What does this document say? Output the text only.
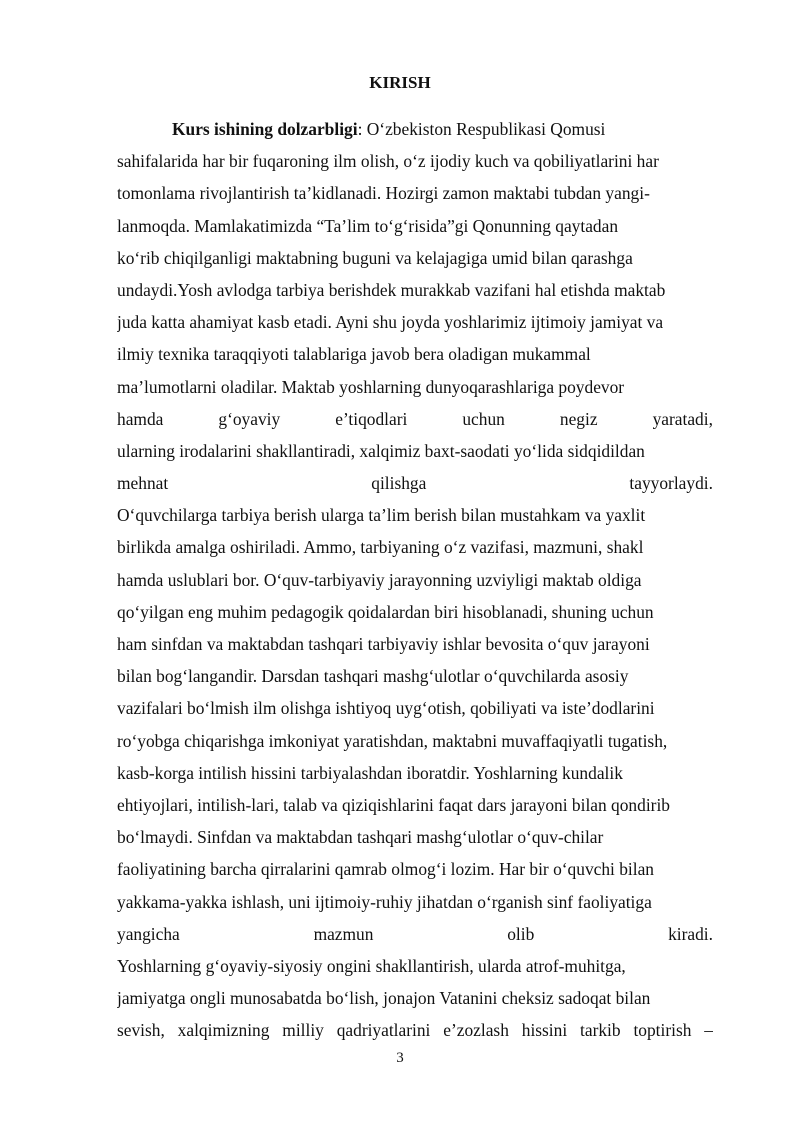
KIRISH
Kurs ishining dolzarbligi: O‘zbekiston Respublikasi Qomusi
sahifalarida har bir fuqaroning ilm olish, o‘z ijodiy kuch va qobiliyatlarini har
tomonlama rivojlantirish ta’kidlanadi. Hozirgi zamon maktabi tubdan yangi-
lanmoqda. Mamlakatimizda “Ta’lim to‘g‘risida”gi Qonunning qaytadan
ko‘rib chiqilganligi maktabning buguni va kelajagiga umid bilan qarashga
undaydi.Yosh avlodga tarbiya berishdek murakkab vazifani hal etishda maktab
juda katta ahamiyat kasb etadi. Ayni shu joyda yoshlarimiz ijtimoiy jamiyat va
ilmiy texnika taraqqiyoti talablariga javob bera oladigan mukammal
ma’lumotlarni oladilar. Maktab yoshlarning dunyoqarashlariga poydevor
hamda	g‘oyaviy	e’tiqodlari	uchun	negiz	yaratadi,
ularning irodalarini shakllantiradi, xalqimiz baxt-saodati yo‘lida sidqidildan
mehnat	qilishga	tayyorlaydi.
O‘quvchilarga tarbiya berish ularga ta’lim berish bilan mustahkam va yaxlit
birlikda amalga oshiriladi. Ammo, tarbiyaning o‘z vazifasi, mazmuni, shakl
hamda uslublari bor. O‘quv-tarbiyaviy jarayonning uzviyligi maktab oldiga
qo‘yilgan eng muhim pedagogik qoidalardan biri hisoblanadi, shuning uchun
ham sinfdan va maktabdan tashqari tarbiyaviy ishlar bevosita o‘quv jarayoni
bilan bog‘langandir. Darsdan tashqari mashg‘ulotlar o‘quvchilarda asosiy
vazifalari bo‘lmish ilm olishga ishtiyoq uyg‘otish, qobiliyati va iste’dodlarini
ro‘yobga chiqarishga imkoniyat yaratishdan, maktabni muvaffaqiyatli tugatish,
kasb-korga intilish hissini tarbiyalashdan iboratdir. Yoshlarning kundalik
ehtiyojlari, intilish-lari, talab va qiziqishlarini faqat dars jarayoni bilan qondirib
bo‘lmaydi. Sinfdan va maktabdan tashqari mashg‘ulotlar o‘quv-chilar
faoliyatining barcha qirralarini qamrab olmog‘i lozim. Har bir o‘quvchi bilan
yakkama-yakka ishlash, uni ijtimoiy-ruhiy jihatdan o‘rganish sinf faoliyatiga
yangicha	mazmun	olib	kiradi.
Yoshlarning g‘oyaviy-siyosiy ongini shakllantirish, ularda atrof-muhitga,
jamiyatga ongli munosabatda bo‘lish, jonajon Vatanini cheksiz sadoqat bilan
sevish, xalqimizning milliy qadriyatlarini e’zozlash hissini tarkib toptirish –
3
